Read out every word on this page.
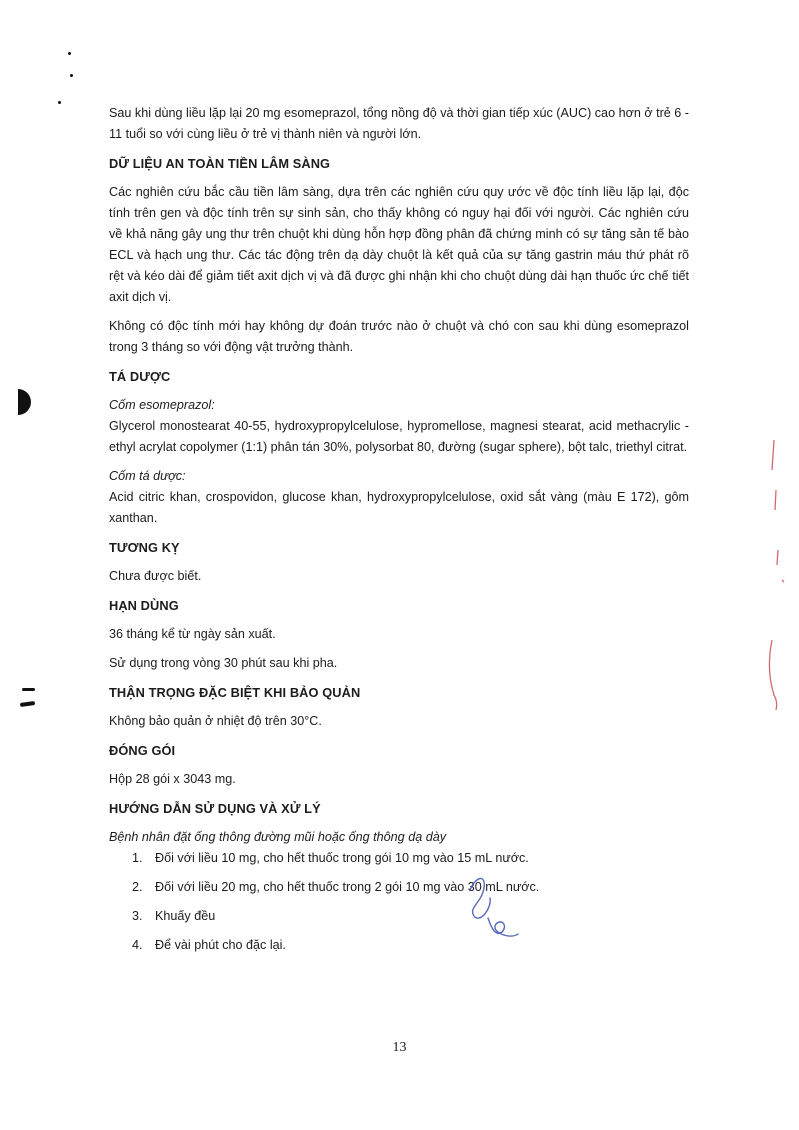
Sau khi dùng liều lặp lại 20 mg esomeprazol, tổng nồng độ và thời gian tiếp xúc (AUC) cao hơn ở trẻ 6 - 11 tuổi so với cùng liều ở trẻ vị thành niên và người lớn.

DỮ LIỆU AN TOÀN TIỀN LÂM SÀNG

Các nghiên cứu bắc cầu tiền lâm sàng, dựa trên các nghiên cứu quy ước về độc tính liều lặp lại, độc tính trên gen và độc tính trên sự sinh sản, cho thấy không có nguy hại đối với người. Các nghiên cứu về khả năng gây ung thư trên chuột khi dùng hỗn hợp đồng phân đã chứng minh có sự tăng sản tế bào ECL và hạch ung thư. Các tác động trên dạ dày chuột là kết quả của sự tăng gastrin máu thứ phát rõ rệt và kéo dài để giảm tiết axit dịch vị và đã được ghi nhận khi cho chuột dùng dài hạn thuốc ức chế tiết axit dịch vị.

Không có độc tính mới hay không dự đoán trước nào ở chuột và chó con sau khi dùng esomeprazol trong 3 tháng so với động vật trưởng thành.

TÁ DƯỢC

Cốm esomeprazol:

Glycerol monostearat 40-55, hydroxypropylcelulose, hypromellose, magnesi stearat, acid methacrylic - ethyl acrylat copolymer (1:1) phân tán 30%, polysorbat 80, đường (sugar sphere), bột talc, triethyl citrat.

Cốm tá dược:

Acid citric khan, crospovidon, glucose khan, hydroxypropylcelulose, oxid sắt vàng (màu E 172), gôm xanthan.

TƯƠNG KỴ

Chưa được biết.

HẠN DÙNG

36 tháng kể từ ngày sản xuất.

Sử dụng trong vòng 30 phút sau khi pha.

THẬN TRỌNG ĐẶC BIỆT KHI BẢO QUẢN

Không bảo quản ở nhiệt độ trên 30°C.

ĐÓNG GÓI

Hộp 28 gói x 3043 mg.

HƯỚNG DẪN SỬ DỤNG VÀ XỬ LÝ

Bệnh nhân đặt ống thông đường mũi hoặc ống thông dạ dày

1. Đối với liều 10 mg, cho hết thuốc trong gói 10 mg vào 15 mL nước.
2. Đối với liều 20 mg, cho hết thuốc trong 2 gói 10 mg vào 30 mL nước.
3. Khuấy đều
4. Để vài phút cho đặc lại.
13
